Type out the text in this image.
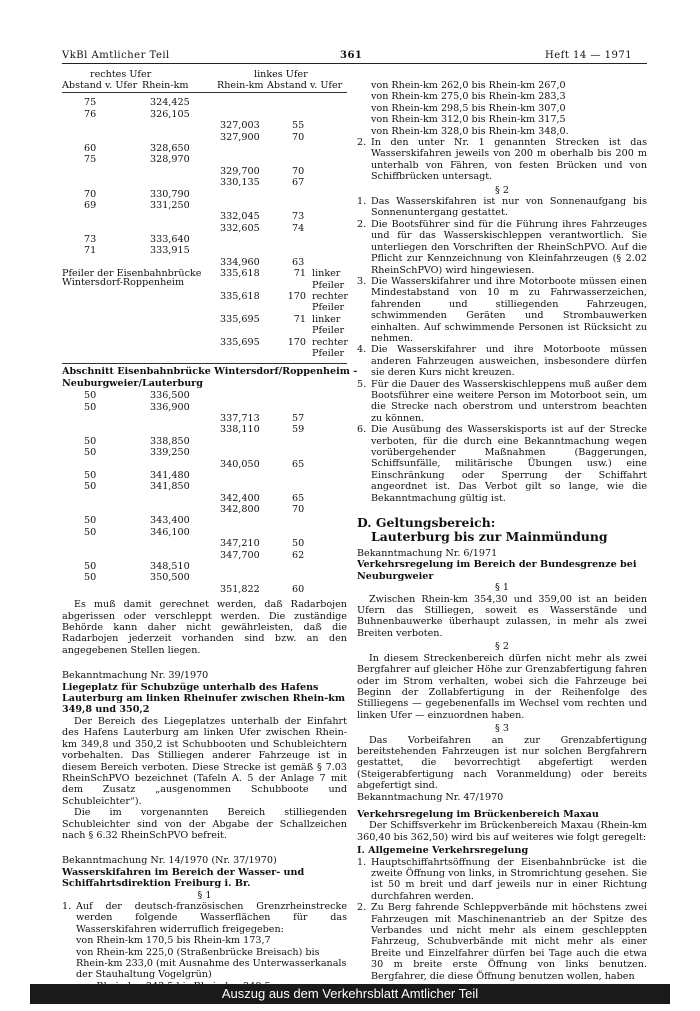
VkBl Amtlicher Teil	361	Heft 14 — 1971
rechtes Ufer	linkes Ufer
Abstand v. Ufer Rhein-km	Rhein-km Abstand v. Ufer
75	324,425
76	326,105
327,003	55
327,900	70
60	328,650
75	328,970
329,700	70
330,135	67
70	330,790
69	331,250
332,045	73
332,605	74
73	333,640
71	333,915
334,960	63
Pfeiler der Eisenbahnbrücke 335,618	71 linker
Pfeiler
335,618	170 rechter
Pfeiler
335,695	71 linker
Pfeiler
335,695	170 rechter
Pfeiler
Wintersdorf-Roppenheim
Abschnitt Eisenbahnbrücke Wintersdorf/Roppenheim -
Neuburgweier/Lauterburg
50	336,500
50	336,900
337,713	57
338,110	59
50	338,850
50	339,250
340,050	65
50	341,480
50	341,850
342,400	65
342,800	70
50	343,400
50	346,100
347,210	50
347,700	62
50	348,510
50	350,500
351,822	60
Es muß damit gerechnet werden, daß Radarbojen abgerissen oder verschleppt werden. Die zuständige Behörde kann daher nicht gewährleisten, daß die Radarbojen jederzeit vorhanden sind bzw. an den angegebenen Stellen liegen.
Bekanntmachung Nr. 39/1970
Liegeplatz für Schubzüge unterhalb des Hafens Lauterburg am linken Rheinufer zwischen Rhein-km 349,8 und 350,2
Der Bereich des Liegeplatzes unterhalb der Einfahrt des Hafens Lauterburg am linken Ufer zwischen Rhein-km 349,8 und 350,2 ist Schubbooten und Schubleichtern vorbehalten. Das Stilliegen anderer Fahrzeuge ist in diesem Bereich verboten. Diese Strecke ist gemäß § 7.03 RheinSchPVO bezeichnet (Tafeln A. 5 der Anlage 7 mit dem Zusatz „ausgenommen Schubboote und Schubleichter“).
Die im vorgenannten Bereich stilliegenden Schubleichter sind von der Abgabe der Schallzeichen nach § 6.32 RheinSchPVO befreit.
Bekanntmachung Nr. 14/1970 (Nr. 37/1970)
Wasserskifahren im Bereich der Wasser- und Schiffahrtsdirektion Freiburg i. Br.
§ 1
1. Auf der deutsch-französischen Grenzrheinstrecke werden folgende Wasserflächen für das Wasserskifahren widerruflich freigegeben:
von Rhein-km 170,5 bis Rhein-km 173,7
von Rhein-km 225,0 (Straßenbrücke Breisach) bis Rhein-km 233,0 (mit Ausnahme des Unterwasserkanals der Stauhaltung Vogelgrün)
von Rhein-km 262,0 bis Rhein-km 267,0
von Rhein-km 275,0 bis Rhein-km 283,3
von Rhein-km 298,5 bis Rhein-km 307,0
von Rhein-km 312,0 bis Rhein-km 317,5
von Rhein-km 328,0 bis Rhein-km 348,0.
2. In den unter Nr. 1 genannten Strecken ist das Wasserskifahren jeweils von 200 m oberhalb bis 200 m unterhalb von Fähren, von festen Brücken und von Schiffbrücken untersagt.
§ 2
1. Das Wasserskifahren ist nur von Sonnenaufgang bis Sonnenuntergang gestattet.
2. Die Bootsführer sind für die Führung ihres Fahrzeuges und für das Wasserskischleppen verantwortlich. Sie unterliegen den Vorschriften der RheinSchPVO. Auf die Pflicht zur Kennzeichnung von Kleinfahrzeugen (§ 2.02 RheinSchPVO) wird hingewiesen.
3. Die Wasserskifahrer und ihre Motorboote müssen einen Mindestabstand von 10 m zu Fahrwasserzeichen, fahrenden und stilliegenden Fahrzeugen, schwimmenden Geräten und Strombauwerken einhalten. Auf schwimmende Personen ist Rücksicht zu nehmen.
4. Die Wasserskifahrer und ihre Motorboote müssen anderen Fahrzeugen ausweichen, insbesondere dürfen sie deren Kurs nicht kreuzen.
5. Für die Dauer des Wasserskischleppens muß außer dem Bootsführer eine weitere Person im Motorboot sein, um die Strecke nach oberstrom und unterstrom beachten zu können.
6. Die Ausübung des Wasserskisports ist auf der Strecke verboten, für die durch eine Bekanntmachung wegen vorübergehender Maßnahmen (Baggerungen, Schiffsunfälle, militärische Übungen usw.) eine Einschränkung oder Sperrung der Schiffahrt angeordnet ist. Das Verbot gilt so lange, wie die Bekanntmachung gültig ist.
D. Geltungsbereich:
Lauterburg bis zur Mainmündung
Bekanntmachung Nr. 6/1971
Verkehrsregelung im Bereich der Bundesgrenze bei Neuburgweier
§ 1
Zwischen Rhein-km 354,30 und 359,00 ist an beiden Ufern das Stilliegen, soweit es Wasserstände und Buhnenbauwerke überhaupt zulassen, in mehr als zwei Breiten verboten.
§ 2
In diesem Streckenbereich dürfen nicht mehr als zwei Bergfahrer auf gleicher Höhe zur Grenzabfertigung fahren oder im Strom verhalten, wobei sich die Fahrzeuge bei Beginn der Zollabfertigung in der Reihenfolge des Stilliegens — gegebenenfalls im Wechsel vom rechten und linken Ufer — einzuordnen haben.
§ 3
Das Vorbeifahren an zur Grenzabfertigung bereitstehenden Fahrzeugen ist nur solchen Bergfahrern gestattet, die bevorrechtigt abgefertigt werden (Steigerabfertigung nach Voranmeldung) oder bereits abgefertigt sind.
Bekanntmachung Nr. 47/1970
Verkehrsregelung im Brückenbereich Maxau
Der Schiffsverkehr im Brückenbereich Maxau (Rhein-km 360,40 bis 362,50) wird bis auf weiteres wie folgt geregelt:
I. Allgemeine Verkehrsregelung
1. Hauptschiffahrtsöffnung der Eisenbahnbrücke ist die zweite Öffnung von links, in Stromrichtung gesehen. Sie ist 50 m breit und darf jeweils nur in einer Richtung durchfahren werden.
2. Zu Berg fahrende Schleppverbände mit höchstens zwei Fahrzeugen mit Maschinenantrieb an der Spitze des Verbandes und nicht mehr als einem geschleppten Fahrzeug, Schubverbände mit nicht mehr als einer Breite und Einzelfahrer dürfen bei Tage auch die etwa 30 m breite erste Öffnung von links benutzen. Bergfahrer, die diese Öffnung benutzen wollen, haben
Auszug aus dem Verkehrsblatt Amtlicher Teil
